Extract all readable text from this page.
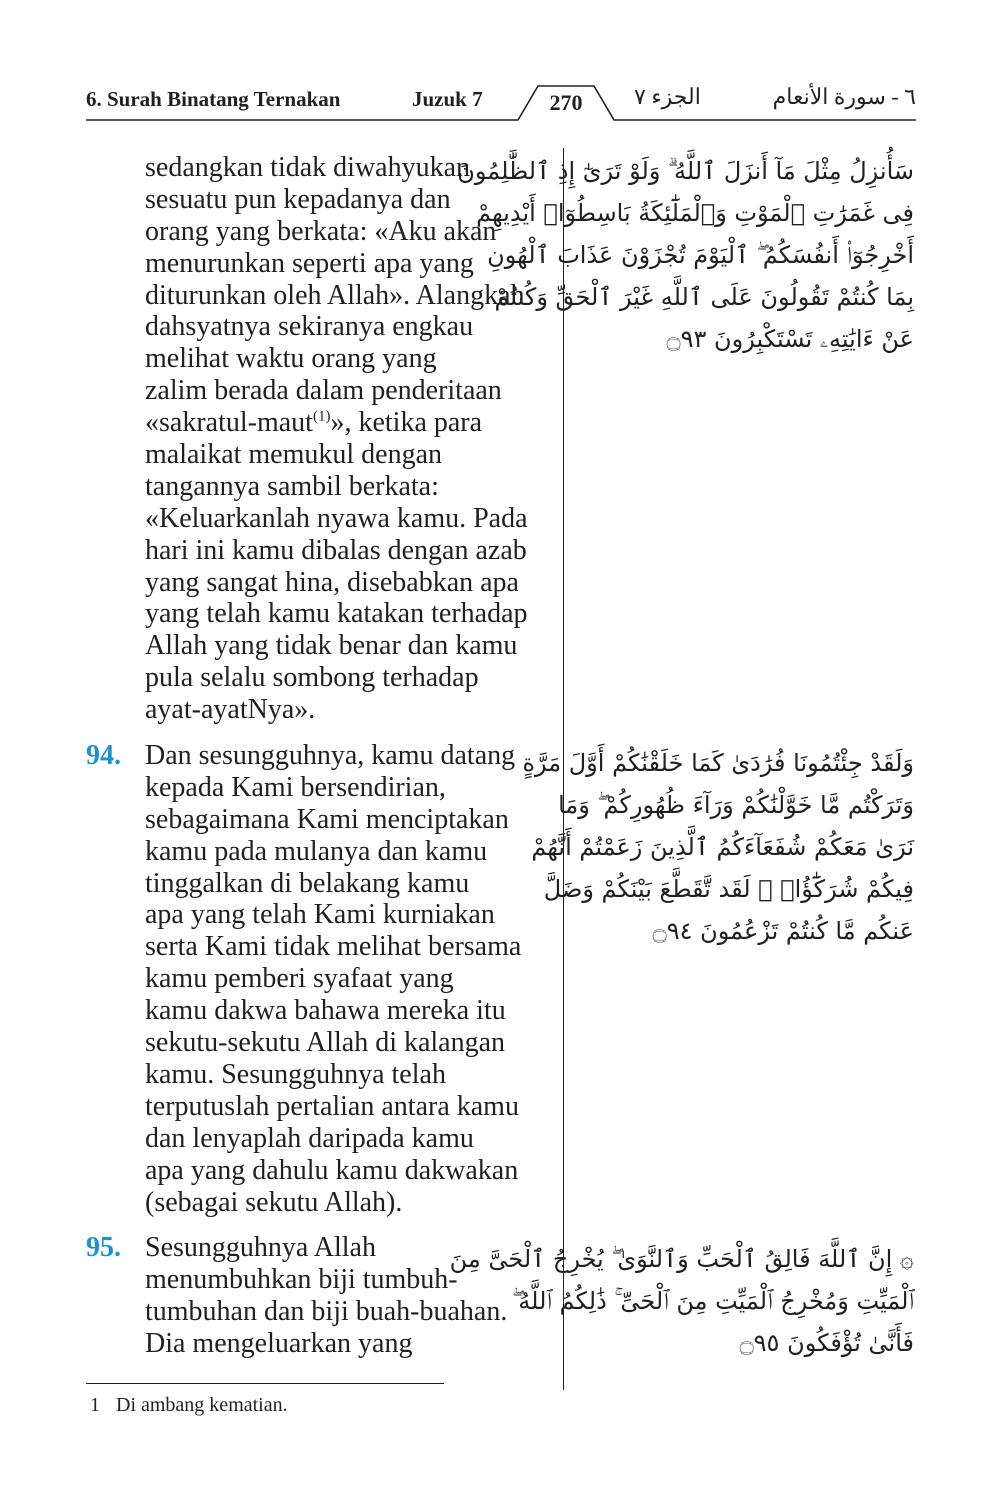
6. Surah Binatang Ternakan	Juzuk 7	270	الجزء ٧	٦ - سورة الأنعام
sedangkan tidak diwahyukan
sesuatu pun kepadanya dan
orang yang berkata: «Aku akan
menurunkan seperti apa yang
diturunkan oleh Allah». Alangkah
dahsyatnya sekiranya engkau
melihat waktu orang yang
zalim berada dalam penderitaan
«sakratul-maut$^{(1)}$», ketika para
malaikat memukul dengan
tangannya sambil berkata:
«Keluarkanlah nyawa kamu. Pada
hari ini kamu dibalas dengan azab
yang sangat hina, disebabkan apa
yang telah kamu katakan terhadap
Allah yang tidak benar dan kamu
pula selalu sombong terhadap
ayat-ayatNya».
94. Dan sesungguhnya, kamu datang
kepada Kami bersendirian,
sebagaimana Kami menciptakan
kamu pada mulanya dan kamu
tinggalkan di belakang kamu
apa yang telah Kami kurniakan
serta Kami tidak melihat bersama
kamu pemberi syafaat yang
kamu dakwa bahawa mereka itu
sekutu-sekutu Allah di kalangan
kamu. Sesungguhnya telah
terputuslah pertalian antara kamu
dan lenyaplah daripada kamu
apa yang dahulu kamu dakwakan
(sebagai sekutu Allah).
95. Sesungguhnya Allah
menumbuhkan biji tumbuh-
tumbuhan dan biji buah-buahan.
Dia mengeluarkan yang
سَأُنزِلُ مِثْلَ مَآ أَنزَلَ ٱللَّهُ ۗ وَلَوْ تَرَىٰٓ إِذِ ٱلظَّٰلِمُونَ
فِى غَمَرَٰتِ ٱلْمَوْتِ وَٱلْمَلَٰٓئِكَةُ بَاسِطُوٓا۟ أَيْدِيهِمْ
أَخْرِجُوٓا۟ أَنفُسَكُمُ ۖ ٱلْيَوْمَ تُجْزَوْنَ عَذَابَ ٱلْهُونِ
بِمَا كُنتُمْ تَقُولُونَ عَلَى ٱللَّهِ غَيْرَ ٱلْحَقِّ وَكُنتُمْ
عَنْ ءَايَٰتِهِۦ تَسْتَكْبِرُونَ ۝٩٣
وَلَقَدْ جِئْتُمُونَا فُرَٰدَىٰ كَمَا خَلَقْنَٰكُمْ أَوَّلَ مَرَّةٍ
وَتَرَكْتُم مَّا خَوَّلْنَٰكُمْ وَرَآءَ ظُهُورِكُمْ ۖ وَمَا
نَرَىٰ مَعَكُمْ شُفَعَآءَكُمُ ٱلَّذِينَ زَعَمْتُمْ أَنَّهُمْ
فِيكُمْ شُرَكَٰٓؤُا۟ ۚ لَقَد تَّقَطَّعَ بَيْنَكُمْ وَضَلَّ
عَنكُم مَّا كُنتُمْ تَزْعُمُونَ ۝٩٤
۞ إِنَّ ٱللَّهَ فَالِقُ ٱلْحَبِّ وَٱلنَّوَىٰ ۖ يُخْرِجُ ٱلْحَىَّ مِنَ
ٱلْمَيِّتِ وَمُخْرِجُ ٱلْمَيِّتِ مِنَ ٱلْحَىِّ ۚ ذَٰلِكُمُ ٱللَّهُ ۖ
فَأَنَّىٰ تُؤْفَكُونَ ۝٩٥
1 Di ambang kematian.
